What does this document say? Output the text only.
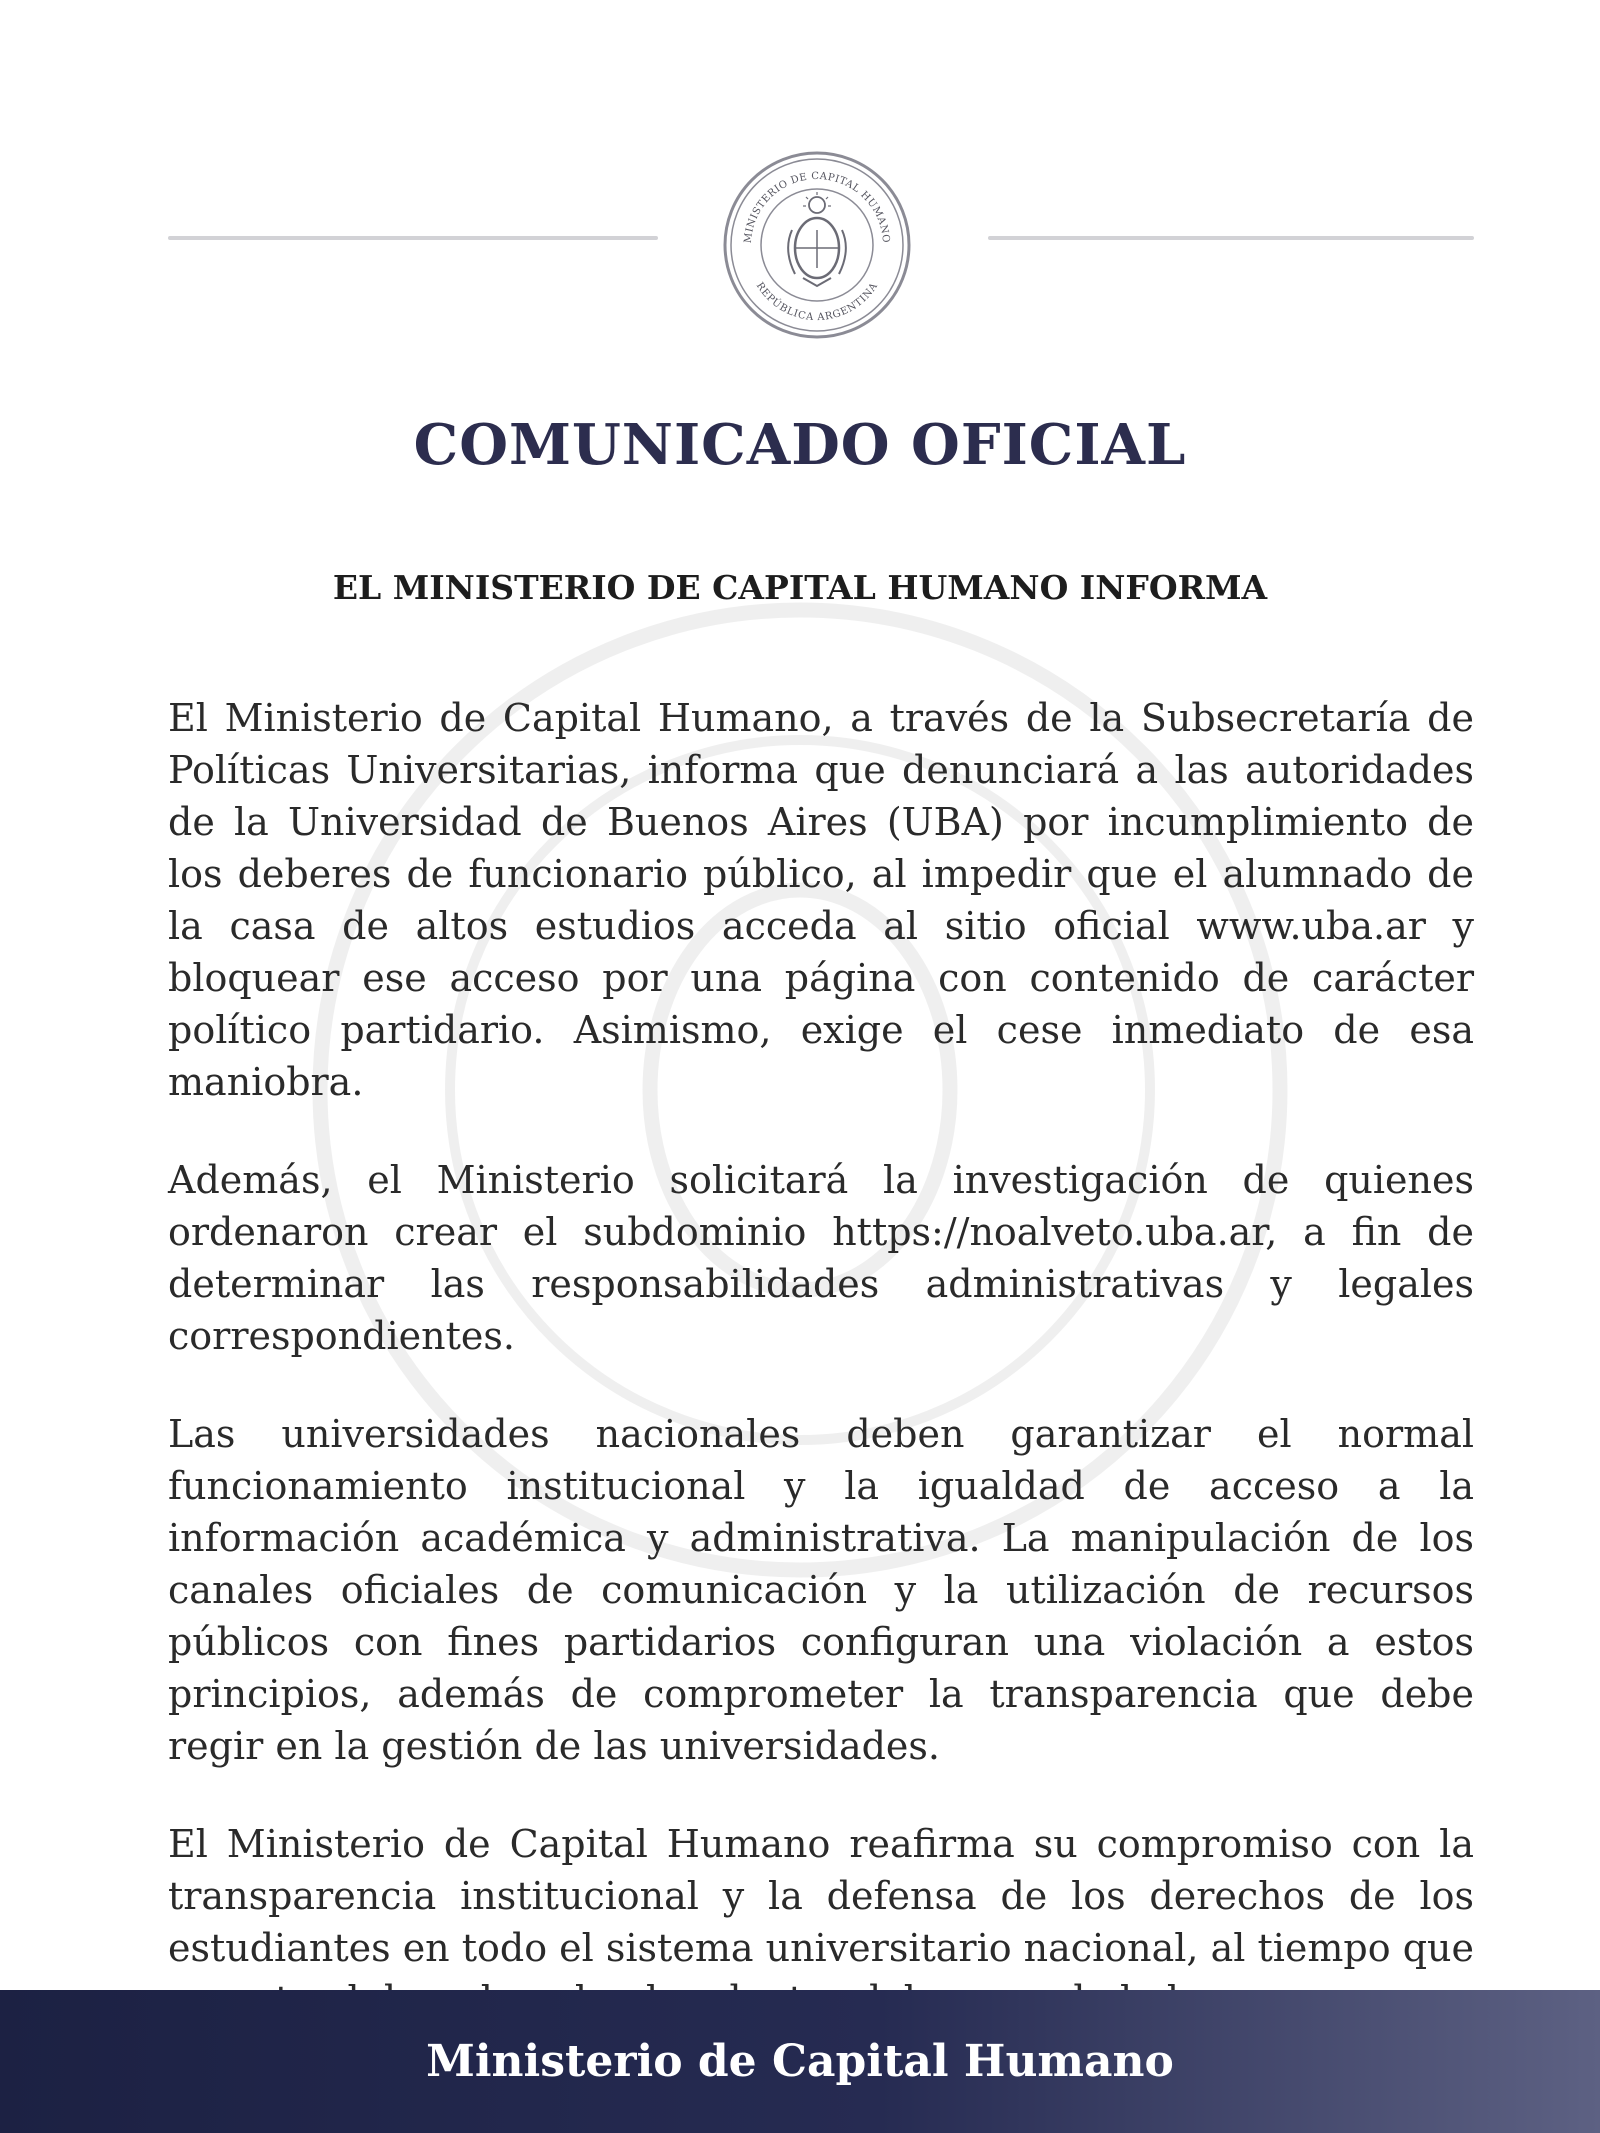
MINISTERIO DE CAPITAL HUMANO
REPÚBLICA ARGENTINA
COMUNICADO OFICIAL
EL MINISTERIO DE CAPITAL HUMANO INFORMA

El Ministerio de Capital Humano, a través de la Subsecretaría de Políticas Universitarias, informa que denunciará a las autoridades de la Universidad de Buenos Aires (UBA) por incumplimiento de los deberes de funcionario público, al impedir que el alumnado de la casa de altos estudios acceda al sitio oficial www.uba.ar y bloquear ese acceso por una página con contenido de carácter político partidario. Asimismo, exige el cese inmediato de esa maniobra.

Además, el Ministerio solicitará la investigación de quienes ordenaron crear el subdominio https://noalveto.uba.ar, a fin de determinar las responsabilidades administrativas y legales correspondientes.

Las universidades nacionales deben garantizar el normal funcionamiento institucional y la igualdad de acceso a la información académica y administrativa. La manipulación de los canales oficiales de comunicación y la utilización de recursos públicos con fines partidarios configuran una violación a estos principios, además de comprometer la transparencia que debe regir en la gestión de las universidades.

El Ministerio de Capital Humano reafirma su compromiso con la transparencia institucional y la defensa de los derechos de los estudiantes en todo el sistema universitario nacional, al tiempo que

Ministerio de Capital Humano
